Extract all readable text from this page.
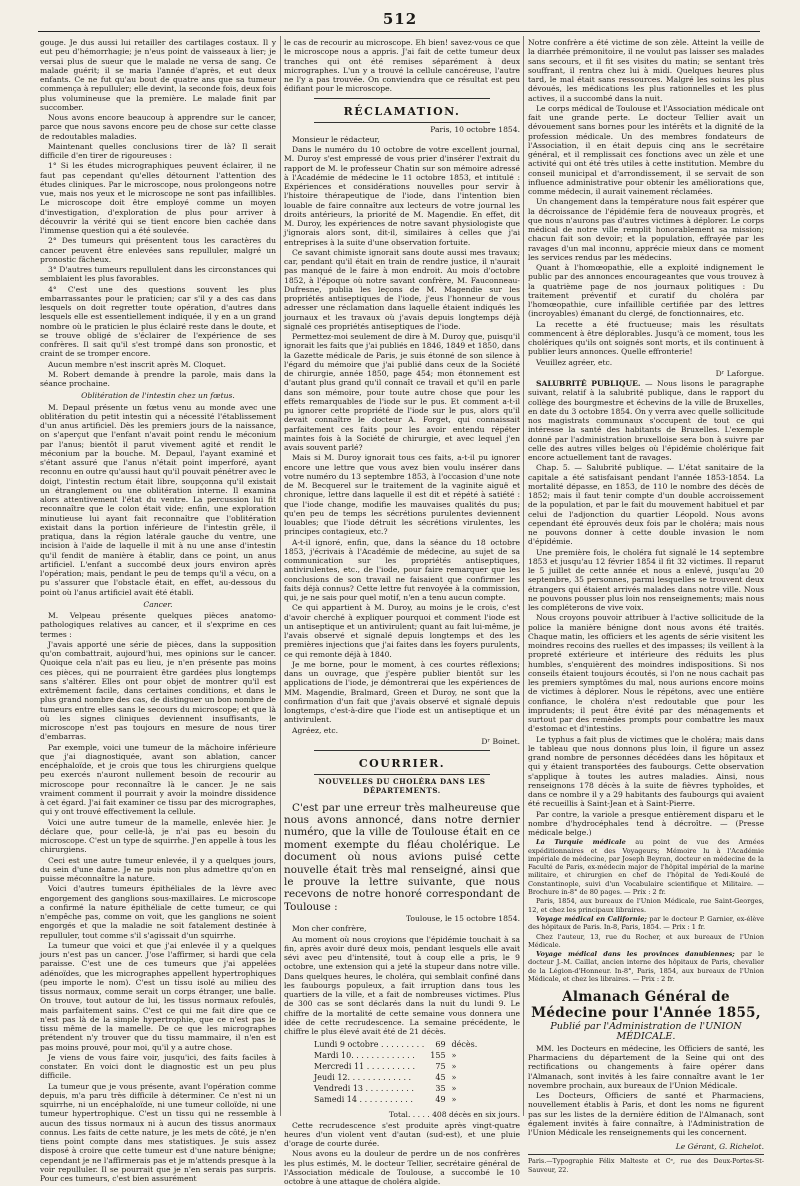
512

gouge. Je dus aussi lui retailler des cartilages costaux. Il y eut peu d'hémorrhagie; je n'eus point de vaisseaux à lier; je versai plus de sueur que le malade ne versa de sang. Ce malade guérit; il se maria l'année d'après, et eut deux enfants. Ce ne fut qu'au bout de quatre ans que sa tumeur commença à repulluler; elle devint, la seconde fois, deux fois plus volumineuse que la première. Le malade finit par succomber.

Nous avons encore beaucoup à apprendre sur le cancer, parce que nous savons encore peu de chose sur cette classe de redoutables maladies.

Maintenant quelles conclusions tirer de là? Il serait difficile d'en tirer de rigoureuses :

1° Si les études micrographiques peuvent éclairer, il ne faut pas cependant qu'elles détournent l'attention des études cliniques. Par le microscope, nous prolongeons notre vue, mais nos yeux et le microscope ne sont pas infaillibles. Le microscope doit être employé comme un moyen d'investigation, d'exploration de plus pour arriver à découvrir la vérité qui se tient encore bien cachée dans l'immense question qui a été soulevée.

2° Des tumeurs qui présentent tous les caractères du cancer peuvent être enlevées sans repulluler, malgré un pronostic fâcheux.

3° D'autres tumeurs repullulent dans les circonstances qui semblaient les plus favorables.

4° C'est une des questions souvent les plus embarrassantes pour le praticien; car s'il y a des cas dans lesquels on doit regretter toute opération, d'autres dans lesquels elle est essentiellement indiquée, il y en a un grand nombre où le praticien le plus éclairé reste dans le doute, et se trouve obligé de s'éclairer de l'expérience de ses confrères. Il sait qu'il s'est trompé dans son pronostic, et craint de se tromper encore.

Aucun membre n'est inscrit après M. Cloquet.

M. Robert demande à prendre la parole, mais dans la séance prochaine.

Oblitération de l'intestin chez un fœtus.

M. Depaul présente un fœtus venu au monde avec une oblitération du petit intestin qui a nécessité l'établissement d'un anus artificiel. Dès les premiers jours de la naissance, on s'aperçut que l'enfant n'avait point rendu le méconium par l'anus; bientôt il parut vivement agité et rendit le méconium par la bouche. M. Depaul, l'ayant examiné et s'étant assuré que l'anus n'était point imperforé, ayant reconnu en outre qu'aussi haut qu'il pouvait pénétrer avec le doigt, l'intestin rectum était libre, soupçonna qu'il existait un étranglement ou une oblitération interne. Il examina alors attentivement l'état du ventre. La percussion lui fit reconnaître que le colon était vide; enfin, une exploration minutieuse lui ayant fait reconnaître que l'oblitération existait dans la portion inférieure de l'intestin grêle, il pratiqua, dans la région latérale gauche du ventre, une incision à l'aide de laquelle il mit à nu une anse d'intestin qu'il fendit de manière à établir, dans ce point, un anus artificiel. L'enfant a succombé deux jours environ après l'opération; mais, pendant le peu de temps qu'il a vécu, on a pu s'assurer que l'obstacle était, en effet, au-dessous du point où l'anus artificiel avait été établi.

Cancer.

M. Velpeau présente quelques pièces anatomo-pathologiques relatives au cancer, et il s'exprime en ces termes :

J'avais apporté une série de pièces, dans la supposition qu'on combattrait, aujourd'hui, mes opinions sur le cancer. Quoique cela n'ait pas eu lieu, je n'en présente pas moins ces pièces, qui ne pourraient être gardées plus longtemps sans s'altérer. Elles ont pour objet de montrer qu'il est extrêmement facile, dans certaines conditions, et dans le plus grand nombre des cas, de distinguer un bon nombre de tumeurs entre elles sans le secours du microscope; et que là où les signes cliniques deviennent insuffisants, le microscope n'est pas toujours en mesure de nous tirer d'embarras.

Par exemple, voici une tumeur de la mâchoire inférieure que j'ai diagnostiquée, avant son ablation, cancer encéphaloïde, et je crois que tous les chirurgiens quelque peu exercés n'auront nullement besoin de recourir au microscope pour reconnaître là le cancer. Je ne sais vraiment comment il pourrait y avoir la moindre dissidence à cet égard. J'ai fait examiner ce tissu par des micrographes, qui y ont trouvé effectivement la cellule.

Voici une autre tumeur de la mamelle, enlevée hier. Je déclare que, pour celle-là, je n'ai pas eu besoin du microscope. C'est un type de squirrhe. J'en appelle à tous les chirurgiens.

Ceci est une autre tumeur enlevée, il y a quelques jours, du sein d'une dame. Je ne puis non plus admettre qu'on en puisse méconnaître la nature.

Voici d'autres tumeurs épithéliales de la lèvre avec engorgement des ganglions sous-maxillaires. Le microscope a confirmé la nature épithéliale de cette tumeur, ce qui n'empêche pas, comme on voit, que les ganglions ne soient engorgés et que la maladie ne soit fatalement destinée à repulluler, tout comme s'il s'agissait d'un squirrhe.

La tumeur que voici et que j'ai enlevée il y a quelques jours n'est pas un cancer. J'ose l'affirmer, si hardi que cela paraisse. C'est une de ces tumeurs que j'ai appelées adénoïdes, que les micrographes appellent hypertrophiques (peu importe le nom). C'est un tissu isolé au milieu des tissus normaux, comme serait un corps étranger, une balle. On trouve, tout autour de lui, les tissus normaux refoulés, mais parfaitement sains. C'est ce qui me fait dire que ce n'est pas là de la simple hypertrophie, que ce n'est pas le tissu même de la mamelle. De ce que les micrographes prétendent n'y trouver que du tissu mammaire, il n'en est pas moins prouvé, pour moi, qu'il y a autre chose.

Je viens de vous faire voir, jusqu'ici, des faits faciles à constater. En voici dont le diagnostic est un peu plus difficile.

La tumeur que je vous présente, avant l'opération comme depuis, m'a paru très difficile à déterminer. Ce n'est ni un squirrhe, ni un encéphaloïde, ni une tumeur colloïde, ni une tumeur hypertrophique. C'est un tissu qui ne ressemble à aucun des tissus normaux ni à aucun des tissus anormaux connus. Les faits de cette nature, je les mets de côté, je n'en tiens point compte dans mes statistiques. Je suis assez disposé à croire que cette tumeur est d'une nature bénigne; cependant je ne l'affirmerais pas et je m'attends presque à la voir repulluler. Il se pourrait que je n'en serais pas surpris. Pour ces tumeurs, c'est bien assurément

le cas de recourir au microscope. Eh bien! savez-vous ce que le microscope nous a appris. J'ai fait de cette tumeur deux tranches qui ont été remises séparément à deux micrographes. L'un y a trouvé la cellule cancéreuse, l'autre ne l'y a pas trouvée. On conviendra que ce résultat est peu édifiant pour le microscope.

RÉCLAMATION.

Paris, 10 octobre 1854.

Monsieur le rédacteur,

Dans le numéro du 10 octobre de votre excellent journal, M. Duroy s'est empressé de vous prier d'insérer l'extrait du rapport de M. le professeur Chatin sur son mémoire adressé à l'Académie de médecine le 11 octobre 1853, et intitulé : Expériences et considérations nouvelles pour servir à l'histoire thérapeutique de l'iode, dans l'intention bien louable de faire connaître aux lecteurs de votre journal les droits antérieurs, la priorité de M. Magendie. En effet, dit M. Duroy, les expériences de notre savant physiologiste que j'ignorais alors sont, dit-il, similaires à celles que j'ai entreprises à la suite d'une observation fortuite.

Ce savant chimiste ignorait sans doute aussi mes travaux; car, pendant qu'il était en train de rendre justice, il n'aurait pas manqué de le faire à mon endroit. Au mois d'octobre 1852, à l'époque où notre savant confrère, M. Fauconneau-Dufresne, publia les leçons de M. Magendie sur les propriétés antiseptiques de l'iode, j'eus l'honneur de vous adresser une réclamation dans laquelle étaient indiqués les journaux et les travaux où j'avais depuis longtemps déjà signalé ces propriétés antiseptiques de l'iode.

Permettez-moi seulement de dire à M. Duroy que, puisqu'il ignorait les faits que j'ai publiés en 1846, 1849 et 1850, dans la Gazette médicale de Paris, je suis étonné de son silence à l'égard du mémoire que j'ai publié dans ceux de la Société de chirurgie, année 1850, page 454; mon étonnement est d'autant plus grand qu'il connaît ce travail et qu'il en parle dans son mémoire, pour toute autre chose que pour les effets remarquables de l'iode sur le pus. Et comment a-t-il pu ignorer cette propriété de l'iode sur le pus, alors qu'il devait connaître le docteur A. Forget, qui connaissait parfaitement ces faits pour les avoir entendu répéter maintes fois à la Société de chirurgie, et avec lequel j'en avais souvent parlé?

Mais si M. Duroy ignorait tous ces faits, a-t-il pu ignorer encore une lettre que vous avez bien voulu insérer dans votre numéro du 13 septembre 1853, à l'occasion d'une note de M. Becquerel sur le traitement de la vaginite aiguë et chronique, lettre dans laquelle il est dit et répété à satiété : que l'iode change, modifie les mauvaises qualités du pus; qu'en peu de temps les sécrétions purulentes deviennent louables; que l'iode détruit les sécrétions virulentes, les principes contagieux, etc.?

A-t-il ignoré, enfin, que, dans la séance du 18 octobre 1853, j'écrivais à l'Académie de médecine, au sujet de sa communication sur les propriétés antiseptiques, antivirulentes, etc., de l'iode, pour faire remarquer que les conclusions de son travail ne faisaient que confirmer les faits déjà connus? Cette lettre fut renvoyée à la commission, qui, je ne sais pour quel motif, n'en a tenu aucun compte.

Ce qui appartient à M. Duroy, au moins je le crois, c'est d'avoir cherché à expliquer pourquoi et comment l'iode est un antiseptique et un antivirulent; quant au fait lui-même, je l'avais observé et signalé depuis longtemps et des les premières injections que j'ai faites dans les foyers purulents, ce qui remonte déjà à 1840.

Je me borne, pour le moment, à ces courtes réflexions; dans un ouvrage, que j'espère publier bientôt sur les applications de l'iode, je démontrerai que les expériences de MM. Magendie, Bralmard, Green et Duroy, ne sont que la confirmation d'un fait que j'avais observé et signalé depuis longtemps, c'est-à-dire que l'iode est un antiseptique et un antivirulent.

Agréez, etc.

Dʳ Boinet.

COURRIER.
NOUVELLES DU CHOLÉRA DANS LES DÉPARTEMENTS.

C'est par une erreur très malheureuse que nous avons annoncé, dans notre dernier numéro, que la ville de Toulouse était en ce moment exempte du fléau cholérique. Le document où nous avions puisé cette nouvelle était très mal renseigné, ainsi que le prouve la lettre suivante, que nous recevons de notre honoré correspondant de Toulouse :

Toulouse, le 15 octobre 1854.

Mon cher confrère,

Au moment où nous croyions que l'épidémie touchait à sa fin, après avoir duré deux mois, pendant lesquels elle avait sévi avec peu d'intensité, tout à coup elle a pris, le 9 octobre, une extension qui a jeté la stupeur dans notre ville. Dans quelques heures, le choléra, qui semblait confiné dans les faubourgs populeux, a fait irruption dans tous les quartiers de la ville, et a fait de nombreuses victimes. Plus de 300 cas se sont déclarés dans la nuit du lundi 9. Le chiffre de la mortalité de cette semaine vous donnera une idée de cette recrudescence. La semaine précédente, le chiffre le plus élevé avait été de 21 décès.

Lundi 9 octobre . . . . . . . . .	69	décès.
Mardi 10. . . . . . . . . . . . .	155	»
Mercredi 11 . . . . . . . . . .	75	»
Jeudi 12. . . . . . . . . . . . .	45	»
Vendredi 13 . . . . . . . . . .	35	»
Samedi 14 . . . . . . . . . . .	49	»

Total. . . . . 408 décès en six jours.

Cette recrudescence s'est produite après vingt-quatre heures d'un violent vent d'autan (sud-est), et une pluie d'orage de courte durée.

Nous avons eu la douleur de perdre un de nos confrères les plus estimés, M. le docteur Tellier, secrétaire général de l'Association médicale de Toulouse, a succombé le 10 octobre à une attaque de choléra algide.

Notre confrère a été victime de son zèle. Atteint la veille de la diarrhée prémonitoire, il ne voulut pas laisser ses malades sans secours, et il fit ses visites du matin; se sentant très souffrant, il rentra chez lui à midi. Quelques heures plus tard, le mal était sans ressources. Malgré les soins les plus dévoués, les médications les plus rationnelles et les plus actives, il a succombé dans la nuit.

Le corps médical de Toulouse et l'Association médicale ont fait une grande perte. Le docteur Tellier avait un dévouement sans bornes pour les intérêts et la dignité de la profession médicale. Un des membres fondateurs de l'Association, il en était depuis cinq ans le secrétaire général, et il remplissait ces fonctions avec un zèle et une activité qui ont été très utiles à cette institution. Membre du conseil municipal et d'arrondissement, il se servait de son influence administrative pour obtenir les améliorations que, comme médecin, il aurait vainement réclamées.

Un changement dans la température nous fait espérer que la décroissance de l'épidémie fera de nouveaux progrès, et que nous n'aurons pas d'autres victimes à déplorer. Le corps médical de notre ville remplit honorablement sa mission; chacun fait son devoir; et la population, effrayée par les ravages d'un mal inconnu, apprécie mieux dans ce moment les services rendus par les médecins.

Quant à l'homœopathie, elle a exploité indignement le public par des annonces encourageantes que vous trouvez à la quatrième page de nos journaux politiques : Du traitement préventif et curatif du choléra par l'homœopathie, cure infaillible certifiée par des lettres (incroyables) émanant du clergé, de fonctionnaires, etc.

La recette a été fructueuse; mais les résultats commencent à être déplorables. Jusqu'à ce moment, tous les cholériques qu'ils ont soignés sont morts, et ils continuent à publier leurs annonces. Quelle effronterie!

Veuillez agréer, etc.

Dʳ Laforgue.

SALUBRITÉ PUBLIQUE. — Nous lisons le paragraphe suivant, relatif à la salubrité publique, dans le rapport du collège des bourgmestre et échevins de la ville de Bruxelles, en date du 3 octobre 1854. On y verra avec quelle sollicitude nos magistrats communaux s'occupent de tout ce qui intéresse la santé des habitants de Bruxelles. L'exemple donné par l'administration bruxelloise sera bon à suivre par celle des autres villes belges où l'épidémie cholérique fait encore actuellement tant de ravages.

Chap. 5. — Salubrité publique. — L'état sanitaire de la capitale a été satisfaisant pendant l'année 1853-1854. La mortalité dépasse, en 1853, de 110 le nombre des décès de 1852; mais il faut tenir compte d'un double accroissement de la population, et par le fait du mouvement habituel et par celui de l'adjonction du quartier Léopold. Nous avons cependant été éprouvés deux fois par le choléra; mais nous ne pouvons donner à cette double invasion le nom d'épidémie.

Une première fois, le choléra fut signalé le 14 septembre 1853 et jusqu'au 12 février 1854 il fit 32 victimes. Il reparut le 5 juillet de cette année et nous a enlevé, jusqu'au 20 septembre, 35 personnes, parmi lesquelles se trouvent deux étrangers qui étaient arrivés malades dans notre ville. Nous ne pouvons pousser plus loin nos renseignements; mais nous les compléterons de vive voix.

Nous croyons pouvoir attribuer à l'active sollicitude de la police la manière bénigne dont nous avons été traités. Chaque matin, les officiers et les agents de série visitent les moindres recoins des ruelles et des impasses; ils veillent à la propreté extérieure et intérieure des réduits les plus humbles, s'enquièrent des moindres indispositions. Si nos conseils étaient toujours écoutés, si l'on ne nous cachait pas les premiers symptômes du mal, nous aurions encore moins de victimes à déplorer. Nous le répétons, avec une entière confiance, le choléra n'est redoutable que pour les imprudents; il peut être évité par des ménagements et surtout par des remèdes prompts pour combattre les maux d'estomac et d'intestins.

Le typhus a fait plus de victimes que le choléra; mais dans le tableau que nous donnons plus loin, il figure un assez grand nombre de personnes décédées dans les hôpitaux et qui y étaient transportées des faubourgs. Cette observation s'applique à toutes les autres maladies. Ainsi, nous renseignons 178 décès à la suite de fièvres typhoïdes, et dans ce nombre il y a 29 habitants des faubourgs qui avaient été recueillis à Saint-Jean et à Saint-Pierre.

Par contre, la variole a presque entièrement disparu et le nombre d'hydrocéphales tend à décroître. — (Presse médicale belge.)

La Turquie médicale au point de vue des Armées expéditionnaires et des Voyageurs; Mémoire lu à l'Académie impériale de médecine, par Joseph Beyran, docteur en médecine de la Faculté de Paris, ex-médecin major de l'hôpital impérial de la marine militaire, et chirurgien en chef de l'hôpital de Yedi-Koulé de Constantinople, suivi d'un Vocabulaire scientifique et Militaire. — Brochure in-8° de 80 pages. — Prix : 2 fr.

Paris, 1854, aux bureaux de l'Union Médicale, rue Saint-Georges, 12, et chez les principaux libraires.

Voyage médical en Californie; par le docteur P. Garnier, ex-élève des hôpitaux de Paris. In-8, Paris, 1854. — Prix : 1 fr.

Chez l'auteur, 13, rue du Rocher, et aux bureaux de l'Union Médicale.

Voyage médical dans les provinces danubiennes; par le docteur J.-M. Caillat, ancien interne des hôpitaux de Paris, chevalier de la Légion-d'Honneur. In-8°, Paris, 1854, aux bureaux de l'Union Médicale, et chez les libraires. — Prix : 2 fr.

Almanach Général de Médecine pour l'Année 1855,
Publié par l'Administration de l'UNION MÉDICALE.

MM. les Docteurs en médecine, les Officiers de santé, les Pharmaciens du département de la Seine qui ont des rectifications ou changements à faire opérer dans l'Almanach, sont invités à les faire connaître avant le 1er novembre prochain, aux bureaux de l'Union Médicale.

Les Docteurs, Officiers de santé et Pharmaciens, nouvellement établis à Paris, et dont les noms ne figurent pas sur les listes de la dernière édition de l'Almanach, sont également invités à faire connaître, à l'Administration de l'Union Médicale les renseignements qui les concernent.

Le Gérant, G. Richelot.

Paris.—Typographie Félix Malteste et Cᵉ, rue des Deux-Portes-St-Sauveur, 22.
